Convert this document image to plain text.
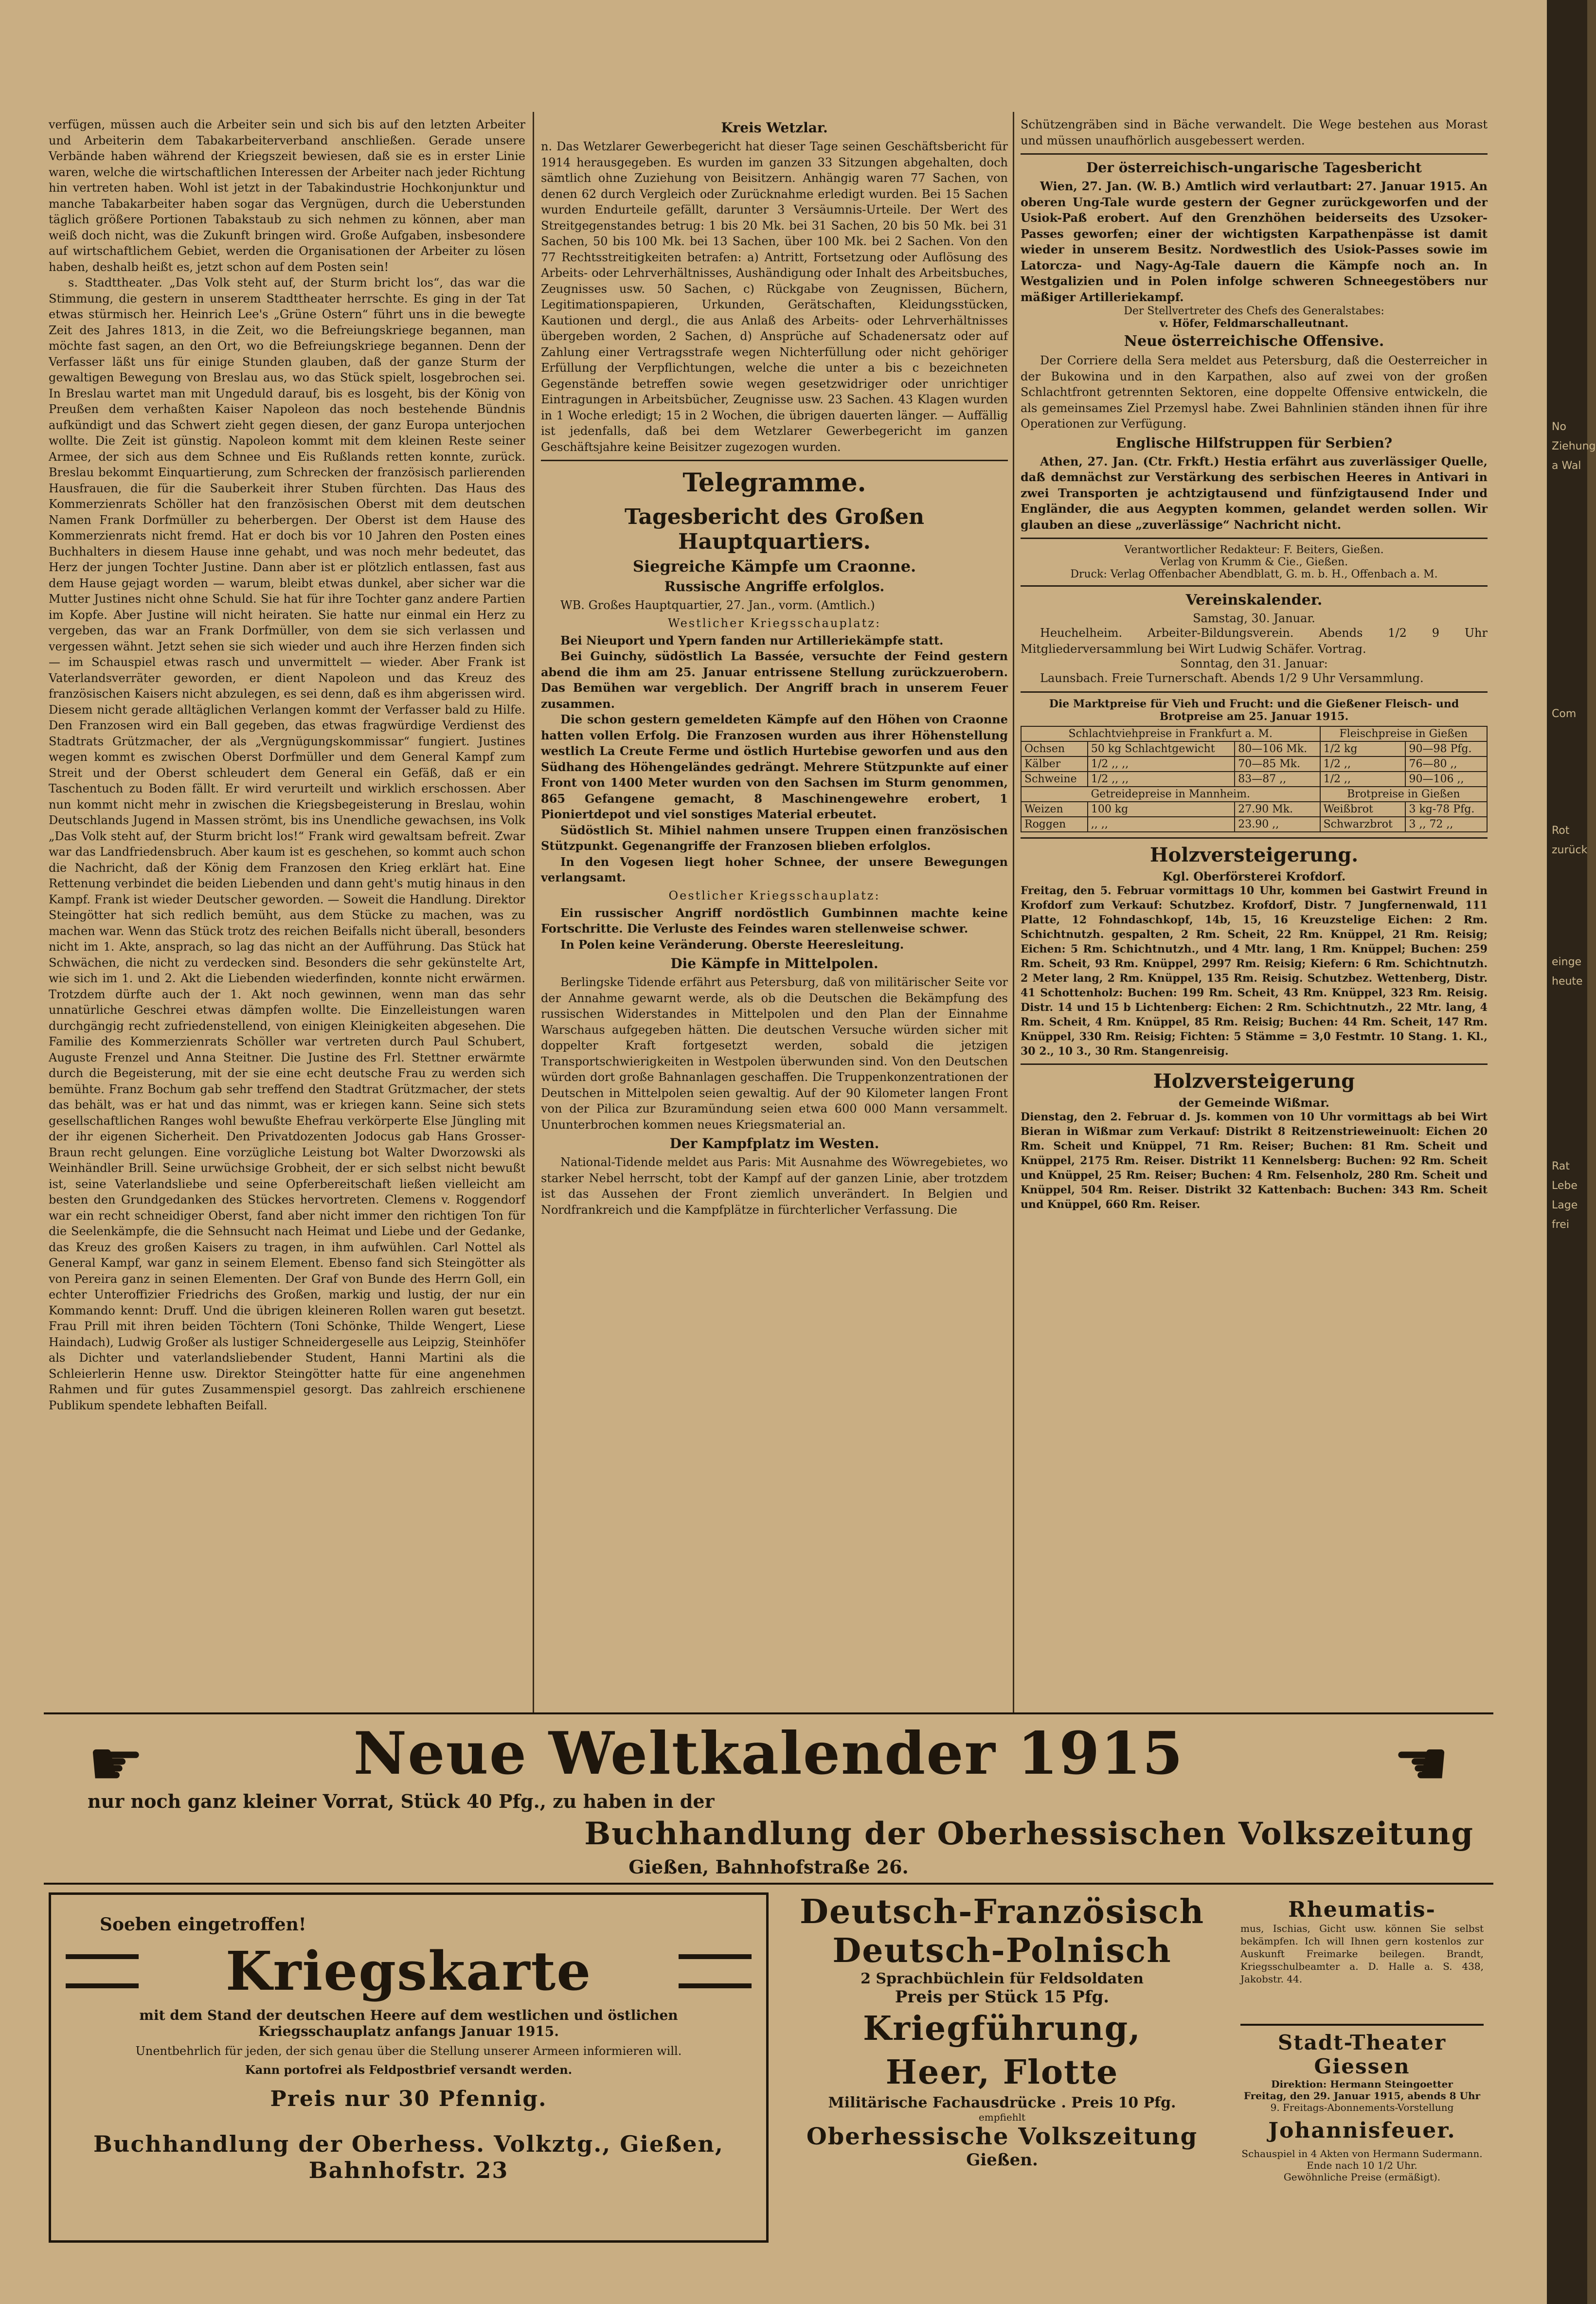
verfügen, müssen auch die Arbeiter sein und sich bis auf den letzten Arbeiter und Arbeiterin dem Tabakarbeiterverband anschließen. Gerade unsere Verbände haben während der Kriegszeit bewiesen, daß sie es in erster Linie waren, welche die wirtschaftlichen Interessen der Arbeiter nach jeder Richtung hin vertreten haben. Wohl ist jetzt in der Tabakindustrie Hochkonjunktur und manche Tabakarbeiter haben sogar das Vergnügen, durch die Ueberstunden täglich größere Portionen Tabakstaub zu sich nehmen zu können, aber man weiß doch nicht, was die Zukunft bringen wird. Große Aufgaben, insbesondere auf wirtschaftlichem Gebiet, werden die Organisationen der Arbeiter zu lösen haben, deshalb heißt es, jetzt schon auf dem Posten sein!

s. Stadttheater. „Das Volk steht auf, der Sturm bricht los“, das war die Stimmung, die gestern in unserem Stadttheater herrschte. Es ging in der Tat etwas stürmisch her. Heinrich Lee's „Grüne Ostern“ führt uns in die bewegte Zeit des Jahres 1813, in die Zeit, wo die Befreiungskriege begannen, man möchte fast sagen, an den Ort, wo die Befreiungskriege begannen. Denn der Verfasser läßt uns für einige Stunden glauben, daß der ganze Sturm der gewaltigen Bewegung von Breslau aus, wo das Stück spielt, losgebrochen sei. In Breslau wartet man mit Ungeduld darauf, bis es losgeht, bis der König von Preußen dem verhaßten Kaiser Napoleon das noch bestehende Bündnis aufkündigt und das Schwert zieht gegen diesen, der ganz Europa unterjochen wollte. Die Zeit ist günstig. Napoleon kommt mit dem kleinen Reste seiner Armee, der sich aus dem Schnee und Eis Rußlands retten konnte, zurück. Breslau bekommt Einquartierung, zum Schrecken der französisch parlierenden Hausfrauen, die für die Sauberkeit ihrer Stuben fürchten. Das Haus des Kommerzienrats Schöller hat den französischen Oberst mit dem deutschen Namen Frank Dorfmüller zu beherbergen. Der Oberst ist dem Hause des Kommerzienrats nicht fremd. Hat er doch bis vor 10 Jahren den Posten eines Buchhalters in diesem Hause inne gehabt, und was noch mehr bedeutet, das Herz der jungen Tochter Justine. Dann aber ist er plötzlich entlassen, fast aus dem Hause gejagt worden — warum, bleibt etwas dunkel, aber sicher war die Mutter Justines nicht ohne Schuld. Sie hat für ihre Tochter ganz andere Partien im Kopfe. Aber Justine will nicht heiraten. Sie hatte nur einmal ein Herz zu vergeben, das war an Frank Dorfmüller, von dem sie sich verlassen und vergessen wähnt. Jetzt sehen sie sich wieder und auch ihre Herzen finden sich — im Schauspiel etwas rasch und unvermittelt — wieder. Aber Frank ist Vaterlandsverräter geworden, er dient Napoleon und das Kreuz des französischen Kaisers nicht abzulegen, es sei denn, daß es ihm abgerissen wird. Diesem nicht gerade alltäglichen Verlangen kommt der Verfasser bald zu Hilfe. Den Franzosen wird ein Ball gegeben, das etwas fragwürdige Verdienst des Stadtrats Grützmacher, der als „Vergnügungskommissar“ fungiert. Justines wegen kommt es zwischen Oberst Dorfmüller und dem General Kampf zum Streit und der Oberst schleudert dem General ein Gefäß, daß er ein Taschentuch zu Boden fällt. Er wird verurteilt und wirklich erschossen. Aber nun kommt nicht mehr in zwischen die Kriegsbegeisterung in Breslau, wohin Deutschlands Jugend in Massen strömt, bis ins Unendliche gewachsen, ins Volk „Das Volk steht auf, der Sturm bricht los!“ Frank wird gewaltsam befreit. Zwar war das Landfriedensbruch. Aber kaum ist es geschehen, so kommt auch schon die Nachricht, daß der König dem Franzosen den Krieg erklärt hat. Eine Rettenung verbindet die beiden Liebenden und dann geht's mutig hinaus in den Kampf. Frank ist wieder Deutscher geworden. — Soweit die Handlung. Direktor Steingötter hat sich redlich bemüht, aus dem Stücke zu machen, was zu machen war. Wenn das Stück trotz des reichen Beifalls nicht überall, besonders nicht im 1. Akte, ansprach, so lag das nicht an der Aufführung. Das Stück hat Schwächen, die nicht zu verdecken sind. Besonders die sehr gekünstelte Art, wie sich im 1. und 2. Akt die Liebenden wiederfinden, konnte nicht erwärmen. Trotzdem dürfte auch der 1. Akt noch gewinnen, wenn man das sehr unnatürliche Geschrei etwas dämpfen wollte. Die Einzelleistungen waren durchgängig recht zufriedenstellend, von einigen Kleinigkeiten abgesehen. Die Familie des Kommerzienrats Schöller war vertreten durch Paul Schubert, Auguste Frenzel und Anna Steitner. Die Justine des Frl. Stettner erwärmte durch die Begeisterung, mit der sie eine echt deutsche Frau zu werden sich bemühte. Franz Bochum gab sehr treffend den Stadtrat Grützmacher, der stets das behält, was er hat und das nimmt, was er kriegen kann. Seine sich stets gesellschaftlichen Ranges wohl bewußte Ehefrau verkörperte Else Jüngling mit der ihr eigenen Sicherheit. Den Privatdozenten Jodocus gab Hans Grosser-Braun recht gelungen. Eine vorzügliche Leistung bot Walter Dworzowski als Weinhändler Brill. Seine urwüchsige Grobheit, der er sich selbst nicht bewußt ist, seine Vaterlandsliebe und seine Opferbereitschaft ließen vielleicht am besten den Grundgedanken des Stückes hervortreten. Clemens v. Roggendorf war ein recht schneidiger Oberst, fand aber nicht immer den richtigen Ton für die Seelenkämpfe, die die Sehnsucht nach Heimat und Liebe und der Gedanke, das Kreuz des großen Kaisers zu tragen, in ihm aufwühlen. Carl Nottel als General Kampf, war ganz in seinem Element. Ebenso fand sich Steingötter als von Pereira ganz in seinen Elementen. Der Graf von Bunde des Herrn Goll, ein echter Unteroffizier Friedrichs des Großen, markig und lustig, der nur ein Kommando kennt: Druff. Und die übrigen kleineren Rollen waren gut besetzt. Frau Prill mit ihren beiden Töchtern (Toni Schönke, Thilde Wengert, Liese Haindach), Ludwig Großer als lustiger Schneidergeselle aus Leipzig, Steinhöfer als Dichter und vaterlandsliebender Student, Hanni Martini als die Schleierlerin Henne usw. Direktor Steingötter hatte für eine angenehmen Rahmen und für gutes Zusammenspiel gesorgt. Das zahlreich erschienene Publikum spendete lebhaften Beifall.

Kreis Wetzlar.

n. Das Wetzlarer Gewerbegericht hat dieser Tage seinen Geschäftsbericht für 1914 herausgegeben. Es wurden im ganzen 33 Sitzungen abgehalten, doch sämtlich ohne Zuziehung von Beisitzern. Anhängig waren 77 Sachen, von denen 62 durch Vergleich oder Zurücknahme erledigt wurden. Bei 15 Sachen wurden Endurteile gefällt, darunter 3 Versäumnis-Urteile. Der Wert des Streitgegenstandes betrug: 1 bis 20 Mk. bei 31 Sachen, 20 bis 50 Mk. bei 31 Sachen, 50 bis 100 Mk. bei 13 Sachen, über 100 Mk. bei 2 Sachen. Von den 77 Rechtsstreitigkeiten betrafen: a) Antritt, Fortsetzung oder Auflösung des Arbeits- oder Lehrverhältnisses, Aushändigung oder Inhalt des Arbeitsbuches, Zeugnisses usw. 50 Sachen, c) Rückgabe von Zeugnissen, Büchern, Legitimationspapieren, Urkunden, Gerätschaften, Kleidungsstücken, Kautionen und dergl., die aus Anlaß des Arbeits- oder Lehrverhältnisses übergeben worden, 2 Sachen, d) Ansprüche auf Schadenersatz oder auf Zahlung einer Vertragsstrafe wegen Nichterfüllung oder nicht gehöriger Erfüllung der Verpflichtungen, welche die unter a bis c bezeichneten Gegenstände betreffen sowie wegen gesetzwidriger oder unrichtiger Eintragungen in Arbeitsbücher, Zeugnisse usw. 23 Sachen. 43 Klagen wurden in 1 Woche erledigt; 15 in 2 Wochen, die übrigen dauerten länger. — Auffällig ist jedenfalls, daß bei dem Wetzlarer Gewerbegericht im ganzen Geschäftsjahre keine Beisitzer zugezogen wurden.

Telegramme.
Tagesbericht des Großen Hauptquartiers.
Siegreiche Kämpfe um Craonne.
Russische Angriffe erfolglos.

WB. Großes Hauptquartier, 27. Jan., vorm. (Amtlich.)

Westlicher Kriegsschauplatz:

Bei Nieuport und Ypern fanden nur Artilleriekämpfe statt.

Bei Guinchy, südöstlich La Bassée, versuchte der Feind gestern abend die ihm am 25. Januar entrissene Stellung zurückzuerobern. Das Bemühen war vergeblich. Der Angriff brach in unserem Feuer zusammen.

Die schon gestern gemeldeten Kämpfe auf den Höhen von Craonne hatten vollen Erfolg. Die Franzosen wurden aus ihrer Höhenstellung westlich La Creute Ferme und östlich Hurtebise geworfen und aus den Südhang des Höhengeländes gedrängt. Mehrere Stützpunkte auf einer Front von 1400 Meter wurden von den Sachsen im Sturm genommen, 865 Gefangene gemacht, 8 Maschinengewehre erobert, 1 Pioniertdepot und viel sonstiges Material erbeutet.

Südöstlich St. Mihiel nahmen unsere Truppen einen französischen Stützpunkt. Gegenangriffe der Franzosen blieben erfolglos.

In den Vogesen liegt hoher Schnee, der unsere Bewegungen verlangsamt.

Oestlicher Kriegsschauplatz:

Ein russischer Angriff nordöstlich Gumbinnen machte keine Fortschritte. Die Verluste des Feindes waren stellenweise schwer.

In Polen keine Veränderung. Oberste Heeresleitung.

Die Kämpfe in Mittelpolen.

Berlingske Tidende erfährt aus Petersburg, daß von militärischer Seite vor der Annahme gewarnt werde, als ob die Deutschen die Bekämpfung des russischen Widerstandes in Mittelpolen und den Plan der Einnahme Warschaus aufgegeben hätten. Die deutschen Versuche würden sicher mit doppelter Kraft fortgesetzt werden, sobald die jetzigen Transportschwierigkeiten in Westpolen überwunden sind. Von den Deutschen würden dort große Bahnanlagen geschaffen. Die Truppenkonzentrationen der Deutschen in Mittelpolen seien gewaltig. Auf der 90 Kilometer langen Front von der Pilica zur Bzuramündung seien etwa 600 000 Mann versammelt. Ununterbrochen kommen neues Kriegsmaterial an.

Der Kampfplatz im Westen.

National-Tidende meldet aus Paris: Mit Ausnahme des Wöwregebietes, wo starker Nebel herrscht, tobt der Kampf auf der ganzen Linie, aber trotzdem ist das Aussehen der Front ziemlich unverändert. In Belgien und Nordfrankreich und die Kampfplätze in fürchterlicher Verfassung. Die

Schützengräben sind in Bäche verwandelt. Die Wege bestehen aus Morast und müssen unaufhörlich ausgebessert werden.

Der österreichisch-ungarische Tagesbericht

Wien, 27. Jan. (W. B.) Amtlich wird verlautbart: 27. Januar 1915. An oberen Ung-Tale wurde gestern der Gegner zurückgeworfen und der Usiok-Paß erobert. Auf den Grenzhöhen beiderseits des Uzsoker-Passes geworfen; einer der wichtigsten Karpathenpässe ist damit wieder in unserem Besitz. Nordwestlich des Usiok-Passes sowie im Latorcza- und Nagy-Ag-Tale dauern die Kämpfe noch an. In Westgalizien und in Polen infolge schweren Schneegestöbers nur mäßiger Artilleriekampf.

Der Stellvertreter des Chefs des Generalstabes:
v. Höfer, Feldmarschalleutnant.
Neue österreichische Offensive.

Der Corriere della Sera meldet aus Petersburg, daß die Oesterreicher in der Bukowina und in den Karpathen, also auf zwei von der großen Schlachtfront getrennten Sektoren, eine doppelte Offensive entwickeln, die als gemeinsames Ziel Przemysl habe. Zwei Bahnlinien ständen ihnen für ihre Operationen zur Verfügung.

Englische Hilfstruppen für Serbien?

Athen, 27. Jan. (Ctr. Frkft.) Hestia erfährt aus zuverlässiger Quelle, daß demnächst zur Verstärkung des serbischen Heeres in Antivari in zwei Transporten je achtzigtausend und fünfzigtausend Inder und Engländer, die aus Aegypten kommen, gelandet werden sollen. Wir glauben an diese „zuverlässige“ Nachricht nicht.

Verantwortlicher Redakteur: F. Beiters, Gießen.
Verlag von Krumm & Cie., Gießen.
Druck: Verlag Offenbacher Abendblatt, G. m. b. H., Offenbach a. M.
Vereinskalender.
Samstag, 30. Januar.

Heuchelheim. Arbeiter-Bildungsverein. Abends 1/2 9 Uhr Mitgliederversammlung bei Wirt Ludwig Schäfer. Vortrag.

Sonntag, den 31. Januar:

Launsbach. Freie Turnerschaft. Abends 1/2 9 Uhr Versammlung.

Die Marktpreise für Vieh und Frucht: und die Gießener Fleisch- und Brotpreise am 25. Januar 1915.
Schlachtviehpreise in Frankfurt a. M.			Fleischpreise in Gießen	
Ochsen	50 kg Schlachtgewicht	80—106 Mk.	1/2 kg	90—98 Pfg.
Kälber	1/2 ,, ,,	70—85 Mk.	1/2 ,,	76—80 ,,
Schweine	1/2 ,, ,,	83—87 ,,	1/2 ,,	90—106 ,,
Getreidepreise in Mannheim.			Brotpreise in Gießen	
Weizen	100 kg	27.90 Mk.	Weißbrot	3 kg-78 Pfg.
Roggen	,, ,,	23.90 ,,	Schwarzbrot	3 ,, 72 ,,
Holzversteigerung.
Kgl. Oberförsterei Krofdorf.

Freitag, den 5. Februar vormittags 10 Uhr, kommen bei Gastwirt Freund in Krofdorf zum Verkauf: Schutzbez. Krofdorf, Distr. 7 Jungfernenwald, 111 Platte, 12 Fohndaschkopf, 14b, 15, 16 Kreuzstelige Eichen: 2 Rm. Schichtnutzh. gespalten, 2 Rm. Scheit, 22 Rm. Knüppel, 21 Rm. Reisig; Eichen: 5 Rm. Schichtnutzh., und 4 Mtr. lang, 1 Rm. Knüppel; Buchen: 259 Rm. Scheit, 93 Rm. Knüppel, 2997 Rm. Reisig; Kiefern: 6 Rm. Schichtnutzh. 2 Meter lang, 2 Rm. Knüppel, 135 Rm. Reisig. Schutzbez. Wettenberg, Distr. 41 Schottenholz: Buchen: 199 Rm. Scheit, 43 Rm. Knüppel, 323 Rm. Reisig. Distr. 14 und 15 b Lichtenberg: Eichen: 2 Rm. Schichtnutzh., 22 Mtr. lang, 4 Rm. Scheit, 4 Rm. Knüppel, 85 Rm. Reisig; Buchen: 44 Rm. Scheit, 147 Rm. Knüppel, 330 Rm. Reisig; Fichten: 5 Stämme = 3,0 Festmtr. 10 Stang. 1. Kl., 30 2., 10 3., 30 Rm. Stangenreisig.

Holzversteigerung
der Gemeinde Wißmar.

Dienstag, den 2. Februar d. Js. kommen von 10 Uhr vormittags ab bei Wirt Bieran in Wißmar zum Verkauf: Distrikt 8 Reitzenstrieweinuolt: Eichen 20 Rm. Scheit und Knüppel, 71 Rm. Reiser; Buchen: 81 Rm. Scheit und Knüppel, 2175 Rm. Reiser. Distrikt 11 Kennelsberg: Buchen: 92 Rm. Scheit und Knüppel, 25 Rm. Reiser; Buchen: 4 Rm. Felsenholz, 280 Rm. Scheit und Knüppel, 504 Rm. Reiser. Distrikt 32 Kattenbach: Buchen: 343 Rm. Scheit und Knüppel, 660 Rm. Reiser.

☛	☚
Neue Weltkalender 1915
nur noch ganz kleiner Vorrat, Stück 40 Pfg., zu haben in der
Buchhandlung der Oberhessischen Volkszeitung
Gießen, Bahnhofstraße 26.
Soeben eingetroffen!
Kriegskarte
mit dem Stand der deutschen Heere auf dem westlichen und östlichen Kriegsschauplatz anfangs Januar 1915.
Unentbehrlich für jeden, der sich genau über die Stellung unserer Armeen informieren will.
Kann portofrei als Feldpostbrief versandt werden.
Preis nur 30 Pfennig.
Buchhandlung der Oberhess. Volkztg., Gießen, Bahnhofstr. 23
Deutsch-Französisch
Deutsch-Polnisch
2 Sprachbüchlein für Feldsoldaten
Preis per Stück 15 Pfg.
Kriegführung, Heer, Flotte
Militärische Fachausdrücke . Preis 10 Pfg.
empfiehlt
Oberhessische Volkszeitung
Gießen.
Rheumatis-

mus, Ischias, Gicht usw. können Sie selbst bekämpfen. Ich will Ihnen gern kostenlos zur Auskunft Freimarke beilegen. Brandt, Kriegsschulbeamter a. D. Halle a. S. 438, Jakobstr. 44.

Stadt-Theater Giessen
Direktion: Hermann Steingoetter
Freitag, den 29. Januar 1915, abends 8 Uhr
9. Freitags-Abonnements-Vorstellung
Johannisfeuer.
Schauspiel in 4 Akten von Hermann Sudermann.
Ende nach 10 1/2 Uhr.
Gewöhnliche Preise (ermäßigt).
No
Ziehung
a Wal
Com
Rot
zurück
einge
heute
Rat
Lebe
Lage
frei
